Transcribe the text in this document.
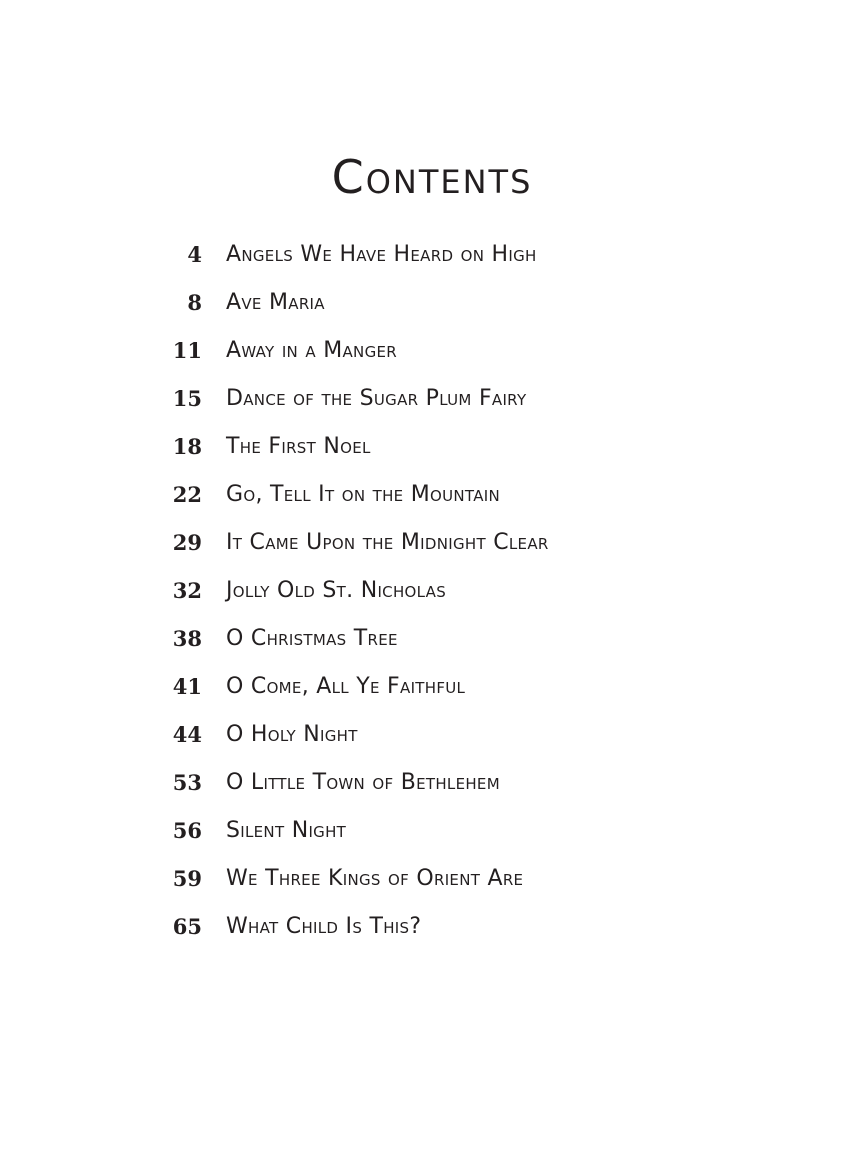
Contents
4 Angels We Have Heard on High
8 Ave Maria
11 Away in a Manger
15 Dance of the Sugar Plum Fairy
18 The First Noel
22 Go, Tell It on the Mountain
29 It Came Upon the Midnight Clear
32 Jolly Old St. Nicholas
38 O Christmas Tree
41 O Come, All Ye Faithful
44 O Holy Night
53 O Little Town of Bethlehem
56 Silent Night
59 We Three Kings of Orient Are
65 What Child Is This?
